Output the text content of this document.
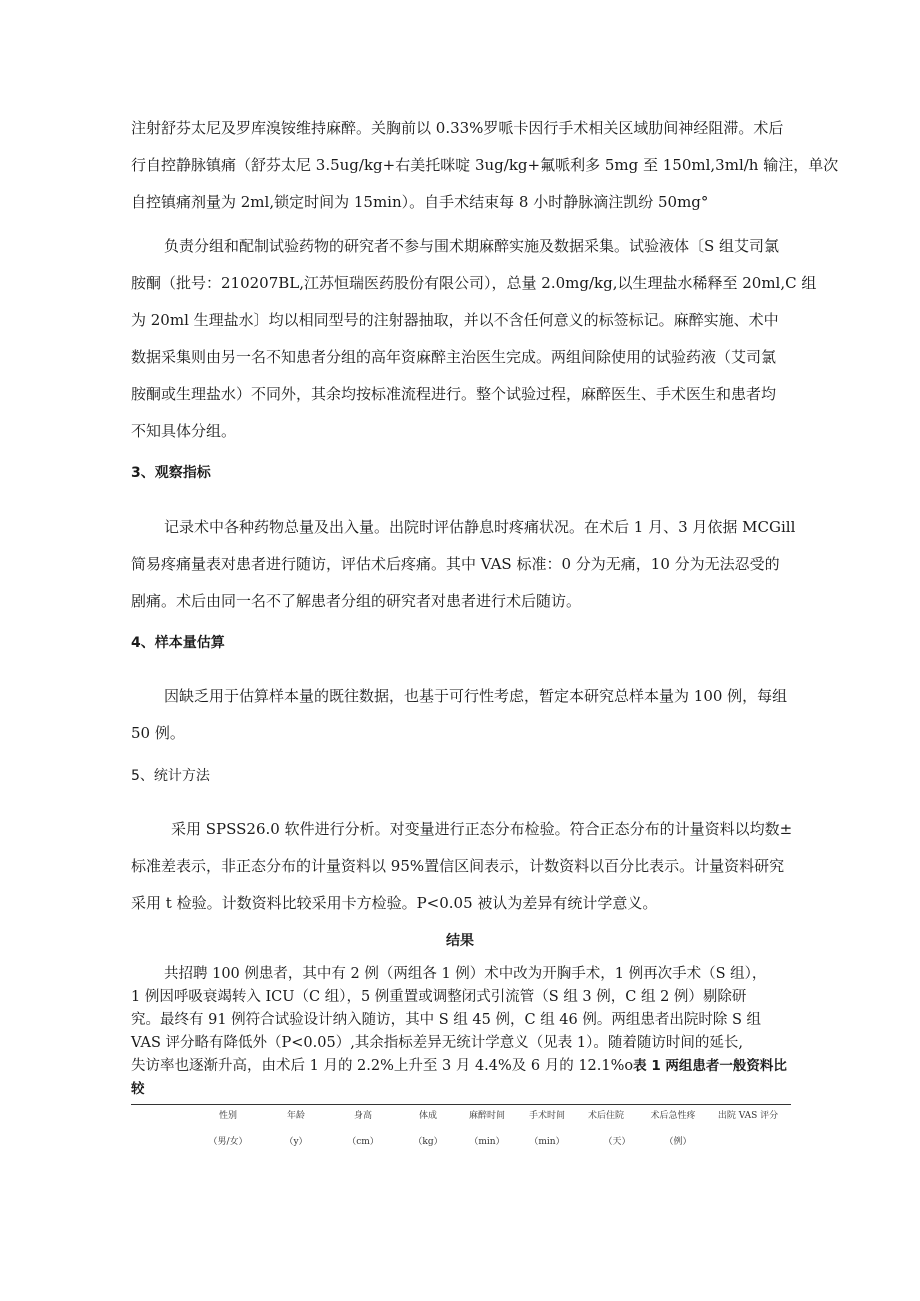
注射舒芬太尼及罗库溴铵维持麻醉。关胸前以 0.33%罗哌卡因行手术相关区域肋间神经阻滞。术后
行自控静脉镇痛（舒芬太尼 3.5ug/kg+右美托咪啶 3ug/kg+氟哌利多 5mg 至 150ml,3ml/h 输注，单次
自控镇痛剂量为 2ml,锁定时间为 15min）。自手术结束每 8 小时静脉滴注凯纷 50mg°
负责分组和配制试验药物的研究者不参与围术期麻醉实施及数据采集。试验液体〔S 组艾司氯
胺酮（批号：210207BL,江苏恒瑞医药股份有限公司），总量 2.0mg/kg,以生理盐水稀释至 20ml,C 组
为 20ml 生理盐水〕均以相同型号的注射器抽取，并以不含任何意义的标签标记。麻醉实施、术中
数据采集则由另一名不知患者分组的高年资麻醉主治医生完成。两组间除使用的试验药液（艾司氯
胺酮或生理盐水）不同外，其余均按标准流程进行。整个试验过程，麻醉医生、手术医生和患者均
不知具体分组。
3、观察指标
记录术中各种药物总量及出入量。出院时评估静息时疼痛状况。在术后 1 月、3 月依据 MCGill
简易疼痛量表对患者进行随访，评估术后疼痛。其中 VAS 标准：0 分为无痛，10 分为无法忍受的
剧痛。术后由同一名不了解患者分组的研究者对患者进行术后随访。
4、样本量估算
因缺乏用于估算样本量的既往数据，也基于可行性考虑，暂定本研究总样本量为 100 例，每组
50 例。
5、统计方法
采用 SPSS26.0 软件进行分析。对变量进行正态分布检验。符合正态分布的计量资料以均数±
标准差表示，非正态分布的计量资料以 95%置信区间表示，计数资料以百分比表示。计量资料研究
采用 t 检验。计数资料比较采用卡方检验。P<0.05 被认为差异有统计学意义。
结果
共招聘 100 例患者，其中有 2 例（两组各 1 例）术中改为开胸手术，1 例再次手术（S 组），
1 例因呼吸衰竭转入 ICU（C 组），5 例重置或调整闭式引流管（S 组 3 例，C 组 2 例）剔除研
究。最终有 91 例符合试验设计纳入随访，其中 S 组 45 例，C 组 46 例。两组患者出院时除 S 组
VAS 评分略有降低外（P<0.05）,其余指标差异无统计学意义（见表 1）。随着随访时间的延长,
失访率也逐渐升高，由术后 1 月的 2.2%上升至 3 月 4.4%及 6 月的 12.1%o表 1 两组患者一般资料比
较
性别	年龄	身高	体成	麻醉时间	手术时间	术后住院	术后急性疼 出院 VAS 评分
（男/女）	（y）	（cm）	（kg）	（min）	（min）	（天）	（例）
